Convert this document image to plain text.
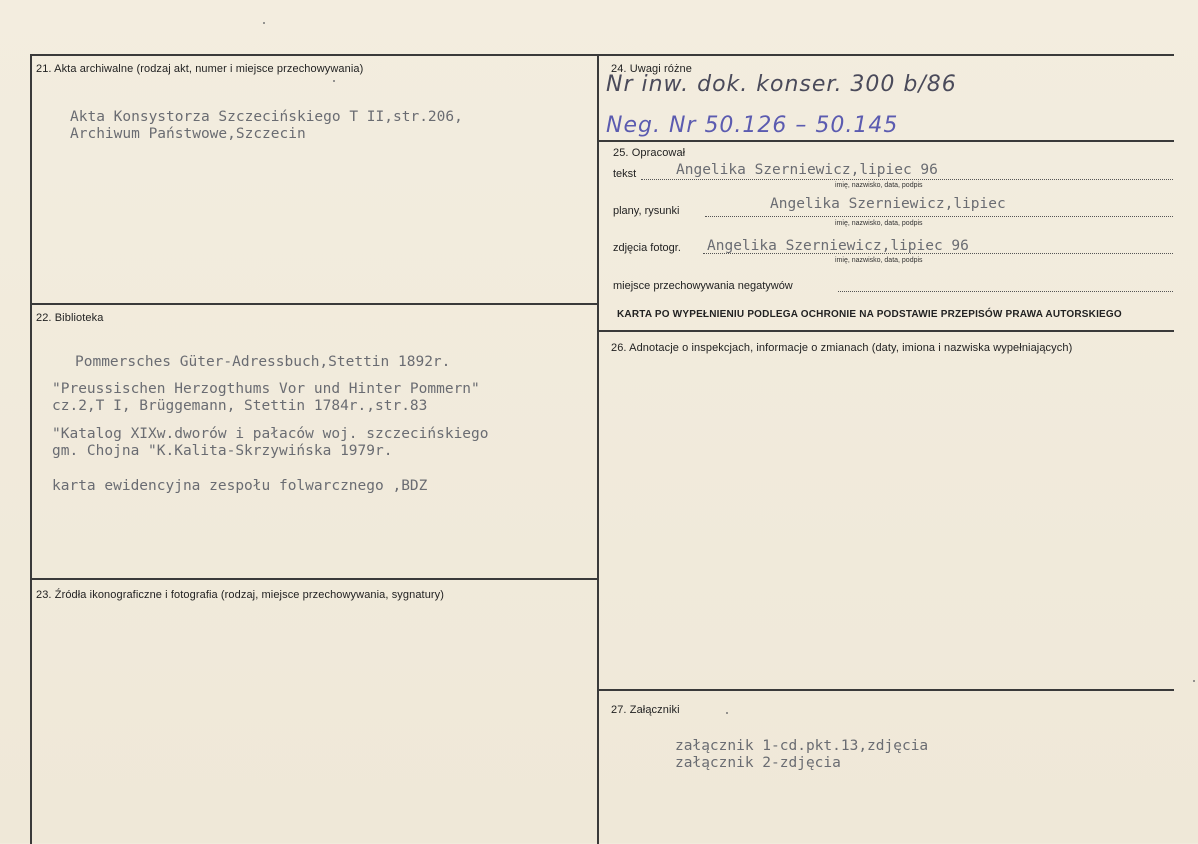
21. Akta archiwalne (rodzaj akt, numer i miejsce przechowywania)
Akta Konsystorza Szczecińskiego T II,str.206,
Archiwum Państwowe,Szczecin
22. Biblioteka
Pommersches Güter-Adressbuch,Stettin 1892r.
"Preussischen Herzogthums Vor und Hinter Pommern"
cz.2,T I, Brüggemann, Stettin 1784r.,str.83
"Katalog XIXw.dworów i pałaców woj. szczecińskiego
gm. Chojna "K.Kalita-Skrzywińska 1979r.
karta ewidencyjna zespołu folwarcznego ,BDZ
23. Źródła ikonograficzne i fotografia (rodzaj, miejsce przechowywania, sygnatury)
24. Uwagi różne
Nr inw. dok. konser. 300 b/86
Neg. Nr 50.126 – 50.145
25. Opracował
tekst	Angelika Szerniewicz,lipiec 96
imię, nazwisko, data, podpis
plany, rysunki	Angelika Szerniewicz,lipiec
imię, nazwisko, data, podpis
zdjęcia fotogr. Angelika Szerniewicz,lipiec 96
imię, nazwisko, data, podpis
miejsce przechowywania negatywów
KARTA PO WYPEŁNIENIU PODLEGA OCHRONIE NA PODSTAWIE PRZEPISÓW PRAWA AUTORSKIEGO
26. Adnotacje o inspekcjach, informacje o zmianach (daty, imiona i nazwiska wypełniających)
27. Załączniki
załącznik 1-cd.pkt.13,zdjęcia
załącznik 2-zdjęcia
